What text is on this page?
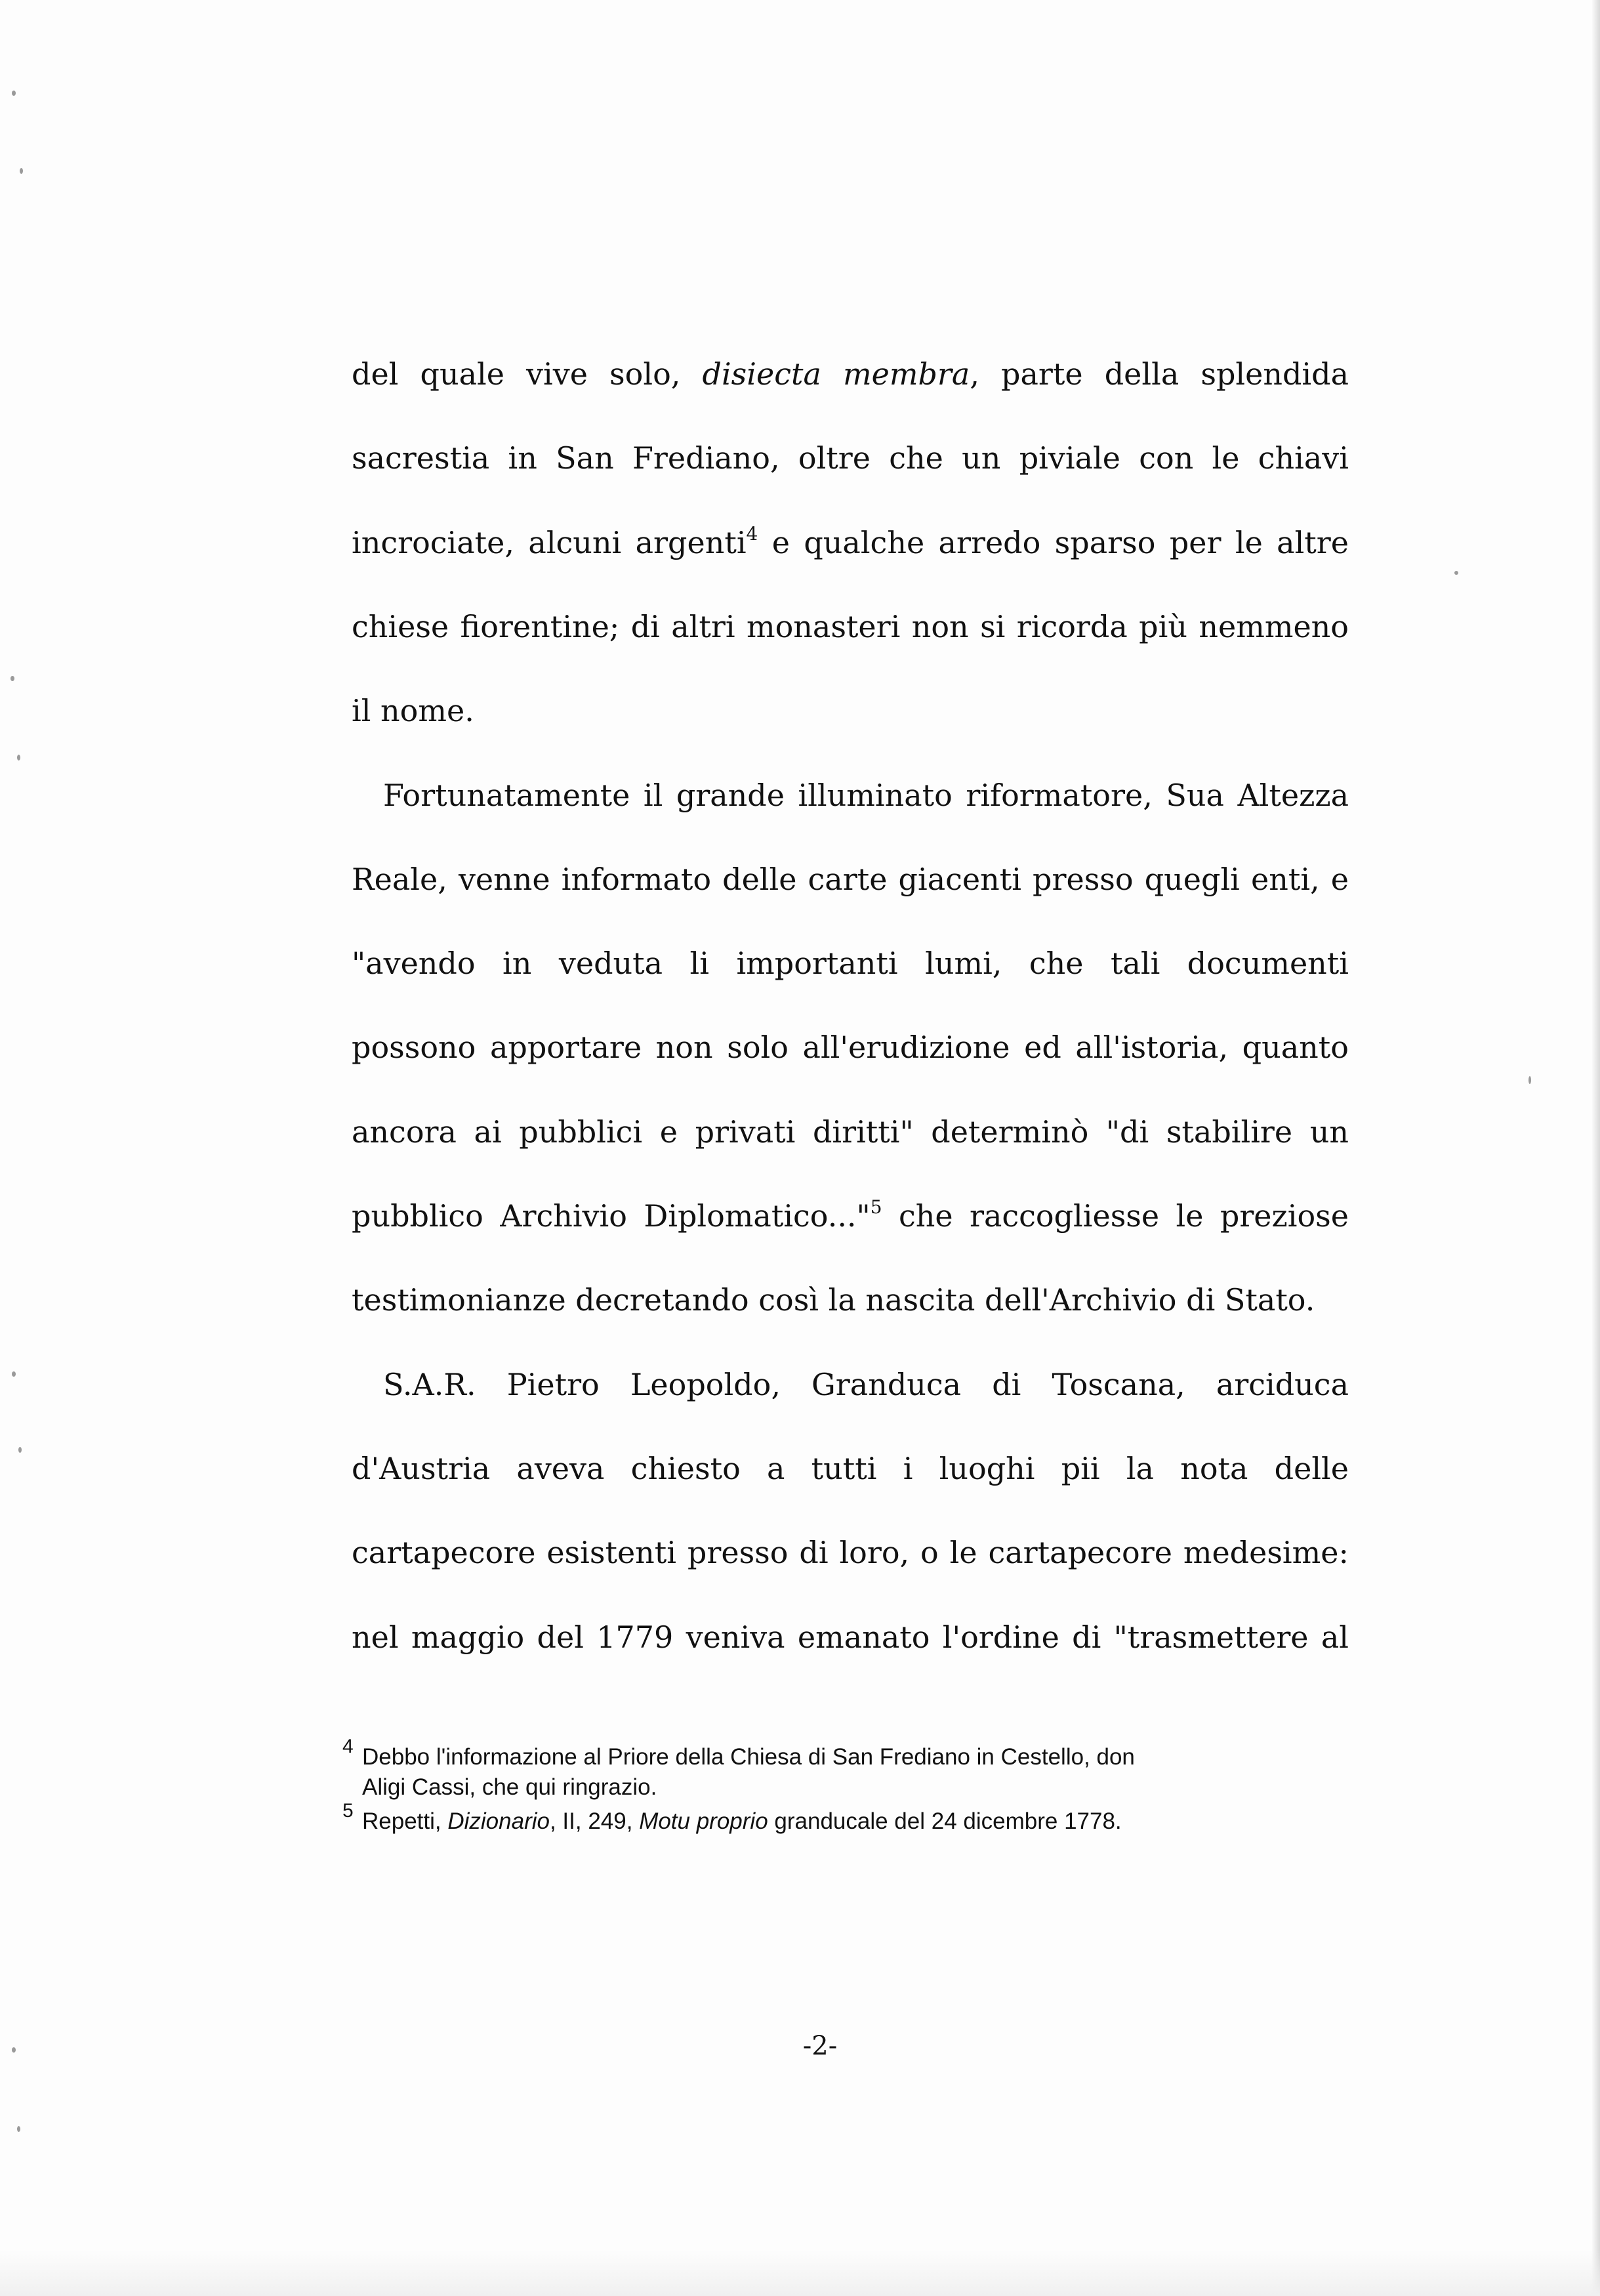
del quale vive solo, disiecta membra, parte della splendida
sacrestia in San Frediano, oltre che un piviale con le chiavi
incrociate, alcuni argenti$^4$ e qualche arredo sparso per le altre
chiese fiorentine; di altri monasteri non si ricorda più nemmeno
il nome.
Fortunatamente il grande illuminato riformatore, Sua Altezza
Reale, venne informato delle carte giacenti presso quegli enti, e
"avendo in veduta li importanti lumi, che tali documenti
possono apportare non solo all'erudizione ed all'istoria, quanto
ancora ai pubblici e privati diritti" determinò "di stabilire un
pubblico Archivio Diplomatico..."$^5$ che raccogliesse le preziose
testimonianze decretando così la nascita dell'Archivio di Stato.
S.A.R. Pietro Leopoldo, Granduca di Toscana, arciduca
d'Austria aveva chiesto a tutti i luoghi pii la nota delle
cartapecore esistenti presso di loro, o le cartapecore medesime:
nel maggio del 1779 veniva emanato l'ordine di "trasmettere al
4 Debbo l'informazione al Priore della Chiesa di San Frediano in Cestello, don
Aligi Cassi, che qui ringrazio.
5 Repetti, Dizionario, II, 249, Motu proprio granducale del 24 dicembre 1778.
-2-
